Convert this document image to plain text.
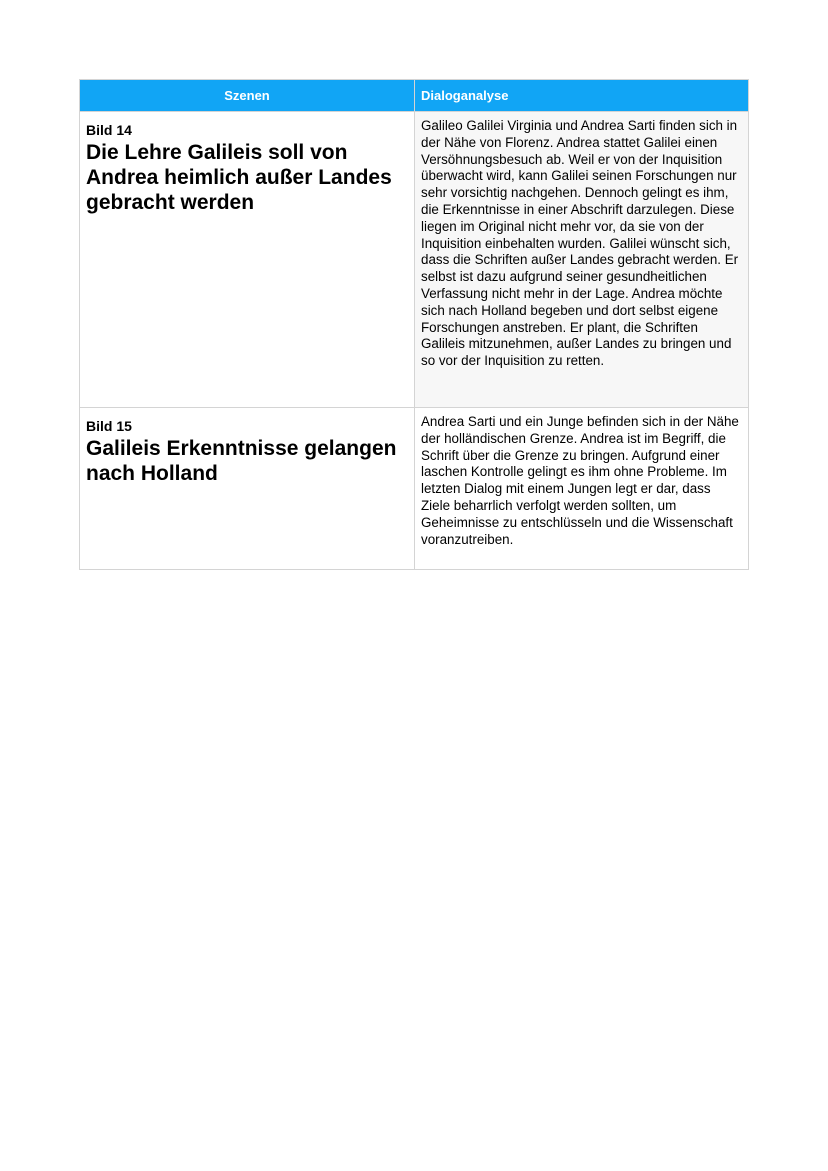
Szenen	Dialoganalyse

Bild 14
Die Lehre Galileis soll von Andrea heimlich außer Landes gebracht werden	Galileo Galilei Virginia und Andrea Sarti finden sich in der Nähe von Florenz. Andrea stattet Galilei einen Versöhnungsbesuch ab. Weil er von der Inquisition überwacht wird, kann Galilei seinen Forschungen nur sehr vorsichtig nachgehen. Dennoch gelingt es ihm, die Erkenntnisse in einer Abschrift darzulegen. Diese liegen im Original nicht mehr vor, da sie von der Inquisition einbehalten wurden. Galilei wünscht sich, dass die Schriften außer Landes gebracht werden. Er selbst ist dazu aufgrund seiner gesundheitlichen Verfassung nicht mehr in der Lage. Andrea möchte sich nach Holland begeben und dort selbst eigene Forschungen anstreben. Er plant, die Schriften Galileis mitzunehmen, außer Landes zu bringen und so vor der Inquisition zu retten.

Bild 15
Galileis Erkenntnisse gelangen nach Holland	Andrea Sarti und ein Junge befinden sich in der Nähe der holländischen Grenze. Andrea ist im Begriff, die Schrift über die Grenze zu bringen. Aufgrund einer laschen Kontrolle gelingt es ihm ohne Probleme. Im letzten Dialog mit einem Jungen legt er dar, dass Ziele beharrlich verfolgt werden sollten, um Geheimnisse zu entschlüsseln und die Wissenschaft voranzutreiben.
